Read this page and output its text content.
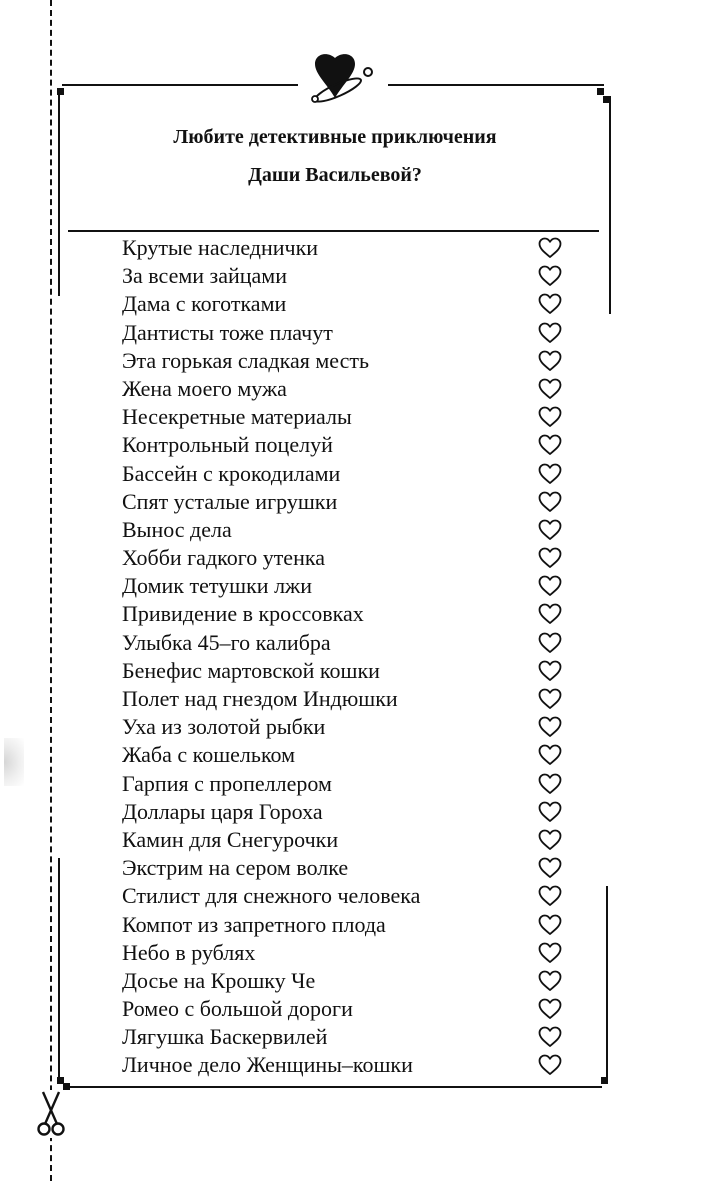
Любите детективные приключения
Даши Васильевой?
Крутые наследнички
За всеми зайцами
Дама с коготками
Дантисты тоже плачут
Эта горькая сладкая месть
Жена моего мужа
Несекретные материалы
Контрольный поцелуй
Бассейн с крокодилами
Спят усталые игрушки
Вынос дела
Хобби гадкого утенка
Домик тетушки лжи
Привидение в кроссовках
Улыбка 45–го калибра
Бенефис мартовской кошки
Полет над гнездом Индюшки
Уха из золотой рыбки
Жаба с кошельком
Гарпия с пропеллером
Доллары царя Гороха
Камин для Снегурочки
Экстрим на сером волке
Стилист для снежного человека
Компот из запретного плода
Небо в рублях
Досье на Крошку Че
Ромео с большой дороги
Лягушка Баскервилей
Личное дело Женщины–кошки
